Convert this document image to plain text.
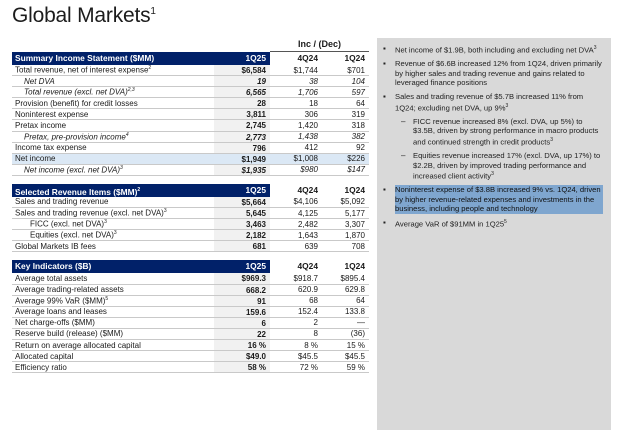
Global Markets$^1$
Inc / (Dec)
Summary Income Statement ($MM)	1Q25	4Q24	1Q24
Total revenue, net of interest expense$^2$	$6,584	$1,744	$701
Net DVA	19	38	104
Total revenue (excl. net DVA)$^{2,3}$	6,565	1,706	597
Provision (benefit) for credit losses	28	18	64
Noninterest expense	3,811	306	319
Pretax income	2,745	1,420	318
Pretax, pre-provision income$^4$	2,773	1,438	382
Income tax expense	796	412	92
Net income	$1,949	$1,008	$226
Net income (excl. net DVA)$^3$	$1,935	$980	$147
Selected Revenue Items ($MM)$^2$	1Q25	4Q24	1Q24
Sales and trading revenue	$5,664	$4,106	$5,092
Sales and trading revenue (excl. net DVA)$^3$	5,645	4,125	5,177
FICC (excl. net DVA)$^3$	3,463	2,482	3,307
Equities (excl. net DVA)$^3$	2,182	1,643	1,870
Global Markets IB fees	681	639	708
Key Indicators ($B)	1Q25	4Q24	1Q24
Average total assets	$969.3	$918.7	$895.4
Average trading-related assets	668.2	620.9	629.8
Average 99% VaR ($MM)$^5$	91	68	64
Average loans and leases	159.6	152.4	133.8
Net charge-offs ($MM)	6	2	—
Reserve build (release) ($MM)	22	8	(36)
Return on average allocated capital	16 %	8 %	15 %
Allocated capital	$49.0	$45.5	$45.5
Efficiency ratio	58 %	72 %	59 %
▪	Net income of $1.9B, both including and excluding net DVA$^3$
▪	Revenue of $6.6B increased 12% from 1Q24, driven primarily by higher sales and trading revenue and gains related to leveraged finance positions
▪	Sales and trading revenue of $5.7B increased 11% from 1Q24; excluding net DVA, up 9%$^3$
– FICC revenue increased 8% (excl. DVA, up 5%) to $3.5B, driven by strong performance in macro products and continued strength in credit products$^3$
– Equities revenue increased 17% (excl. DVA, up 17%) to $2.2B, driven by improved trading performance and increased client activity$^3$
▪	Noninterest expense of $3.8B increased 9% vs. 1Q24, driven by higher revenue-related expenses and investments in the business, including people and technology
▪	Average VaR of $91MM in $1Q25^5$
